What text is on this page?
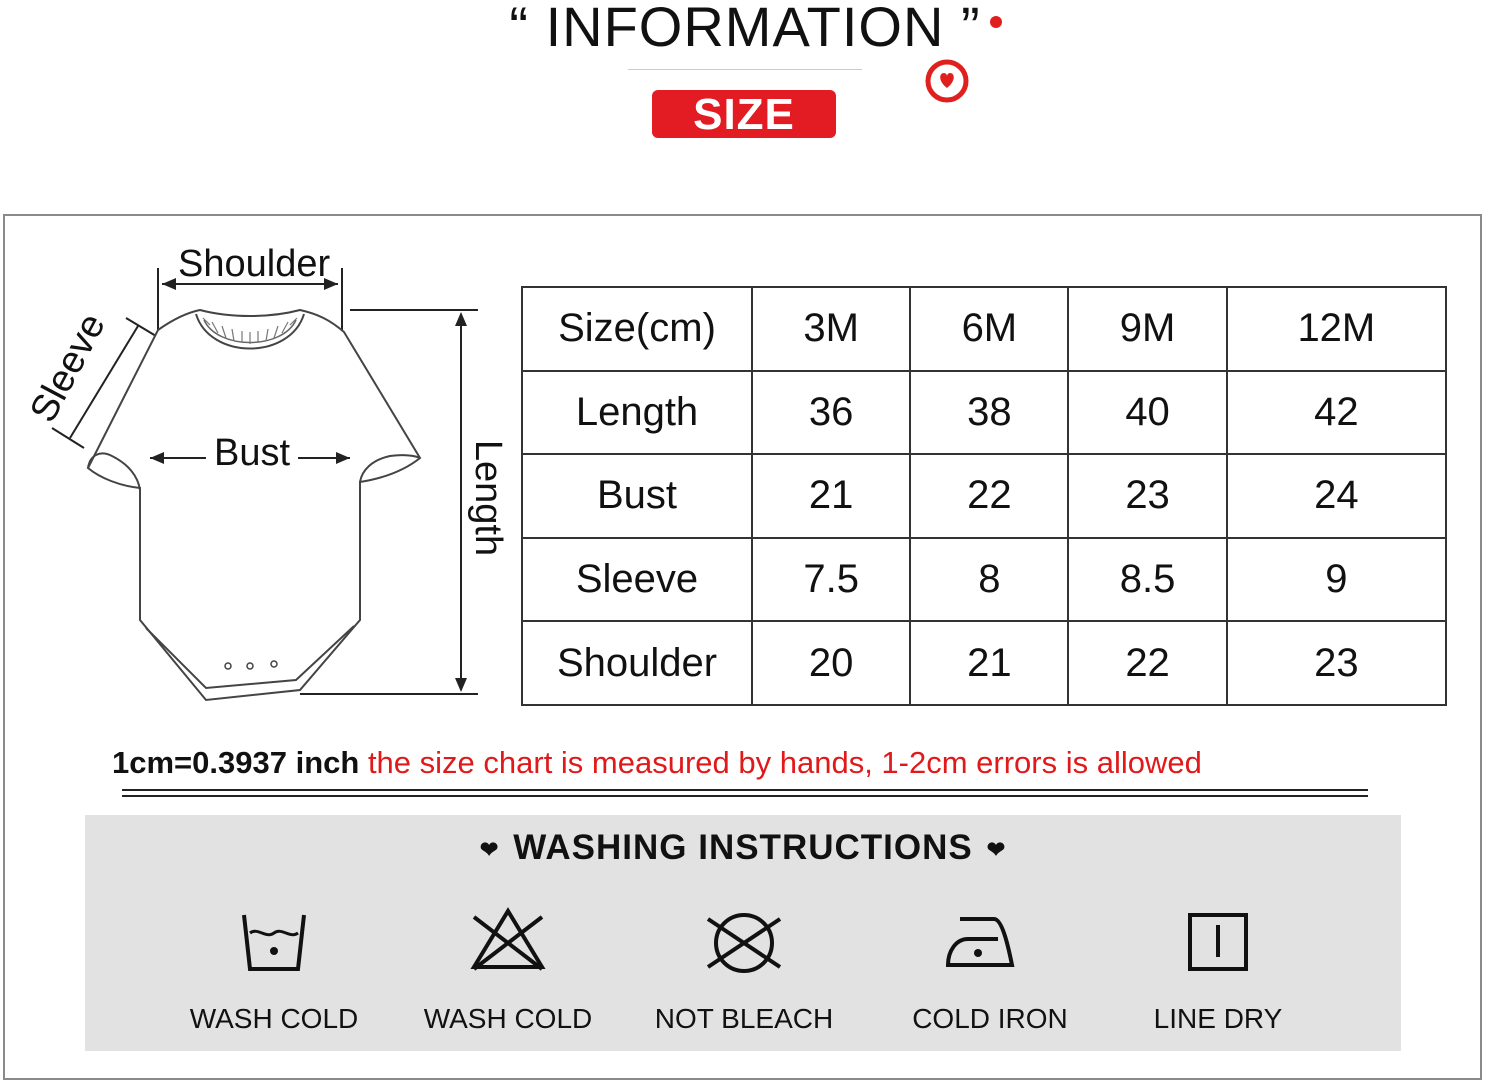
“ INFORMATION ”
SIZE
Shoulder
Bust
Sleeve
Length
Size(cm)	3M	6M	9M	12M
Length	36	38	40	42
Bust	21	22	23	24
Sleeve	7.5	8	8.5	9
Shoulder	20	21	22	23
1cm=0.3937 inch the size chart is measured by hands, 1-2cm errors is allowed
❤ WASHING INSTRUCTIONS ❤
WASH COLD	WASH COLD	NOT BLEACH	COLD IRON	LINE DRY
